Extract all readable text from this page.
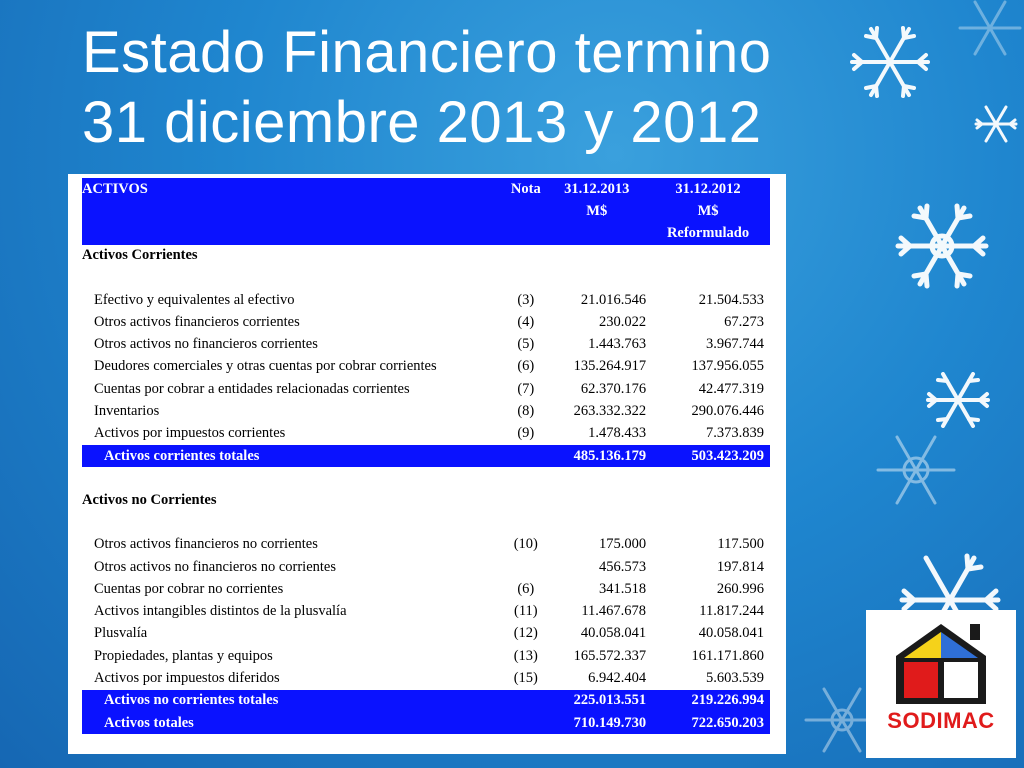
Estado Financiero termino
31 diciembre 2013 y 2012
ACTIVOS	Nota	31.12.2013	31.12.2012
		M$	M$
			Reformulado
Activos Corrientes			

Efectivo y equivalentes al efectivo	(3)	21.016.546	21.504.533
Otros activos financieros corrientes	(4)	230.022	67.273
Otros activos no financieros corrientes	(5)	1.443.763	3.967.744
Deudores comerciales y otras cuentas por cobrar corrientes	(6)	135.264.917	137.956.055
Cuentas por cobrar a entidades relacionadas corrientes	(7)	62.370.176	42.477.319
Inventarios	(8)	263.332.322	290.076.446
Activos por impuestos corrientes	(9)	1.478.433	7.373.839
Activos corrientes totales		485.136.179	503.423.209

Activos no Corrientes			

Otros activos financieros no corrientes	(10)	175.000	117.500
Otros activos no financieros no corrientes		456.573	197.814
Cuentas por cobrar no corrientes	(6)	341.518	260.996
Activos intangibles distintos de la plusvalía	(11)	11.467.678	11.817.244
Plusvalía	(12)	40.058.041	40.058.041
Propiedades, plantas y equipos	(13)	165.572.337	161.171.860
Activos por impuestos diferidos	(15)	6.942.404	5.603.539
Activos no corrientes totales		225.013.551	219.226.994
Activos totales		710.149.730	722.650.203	SODIMAC
